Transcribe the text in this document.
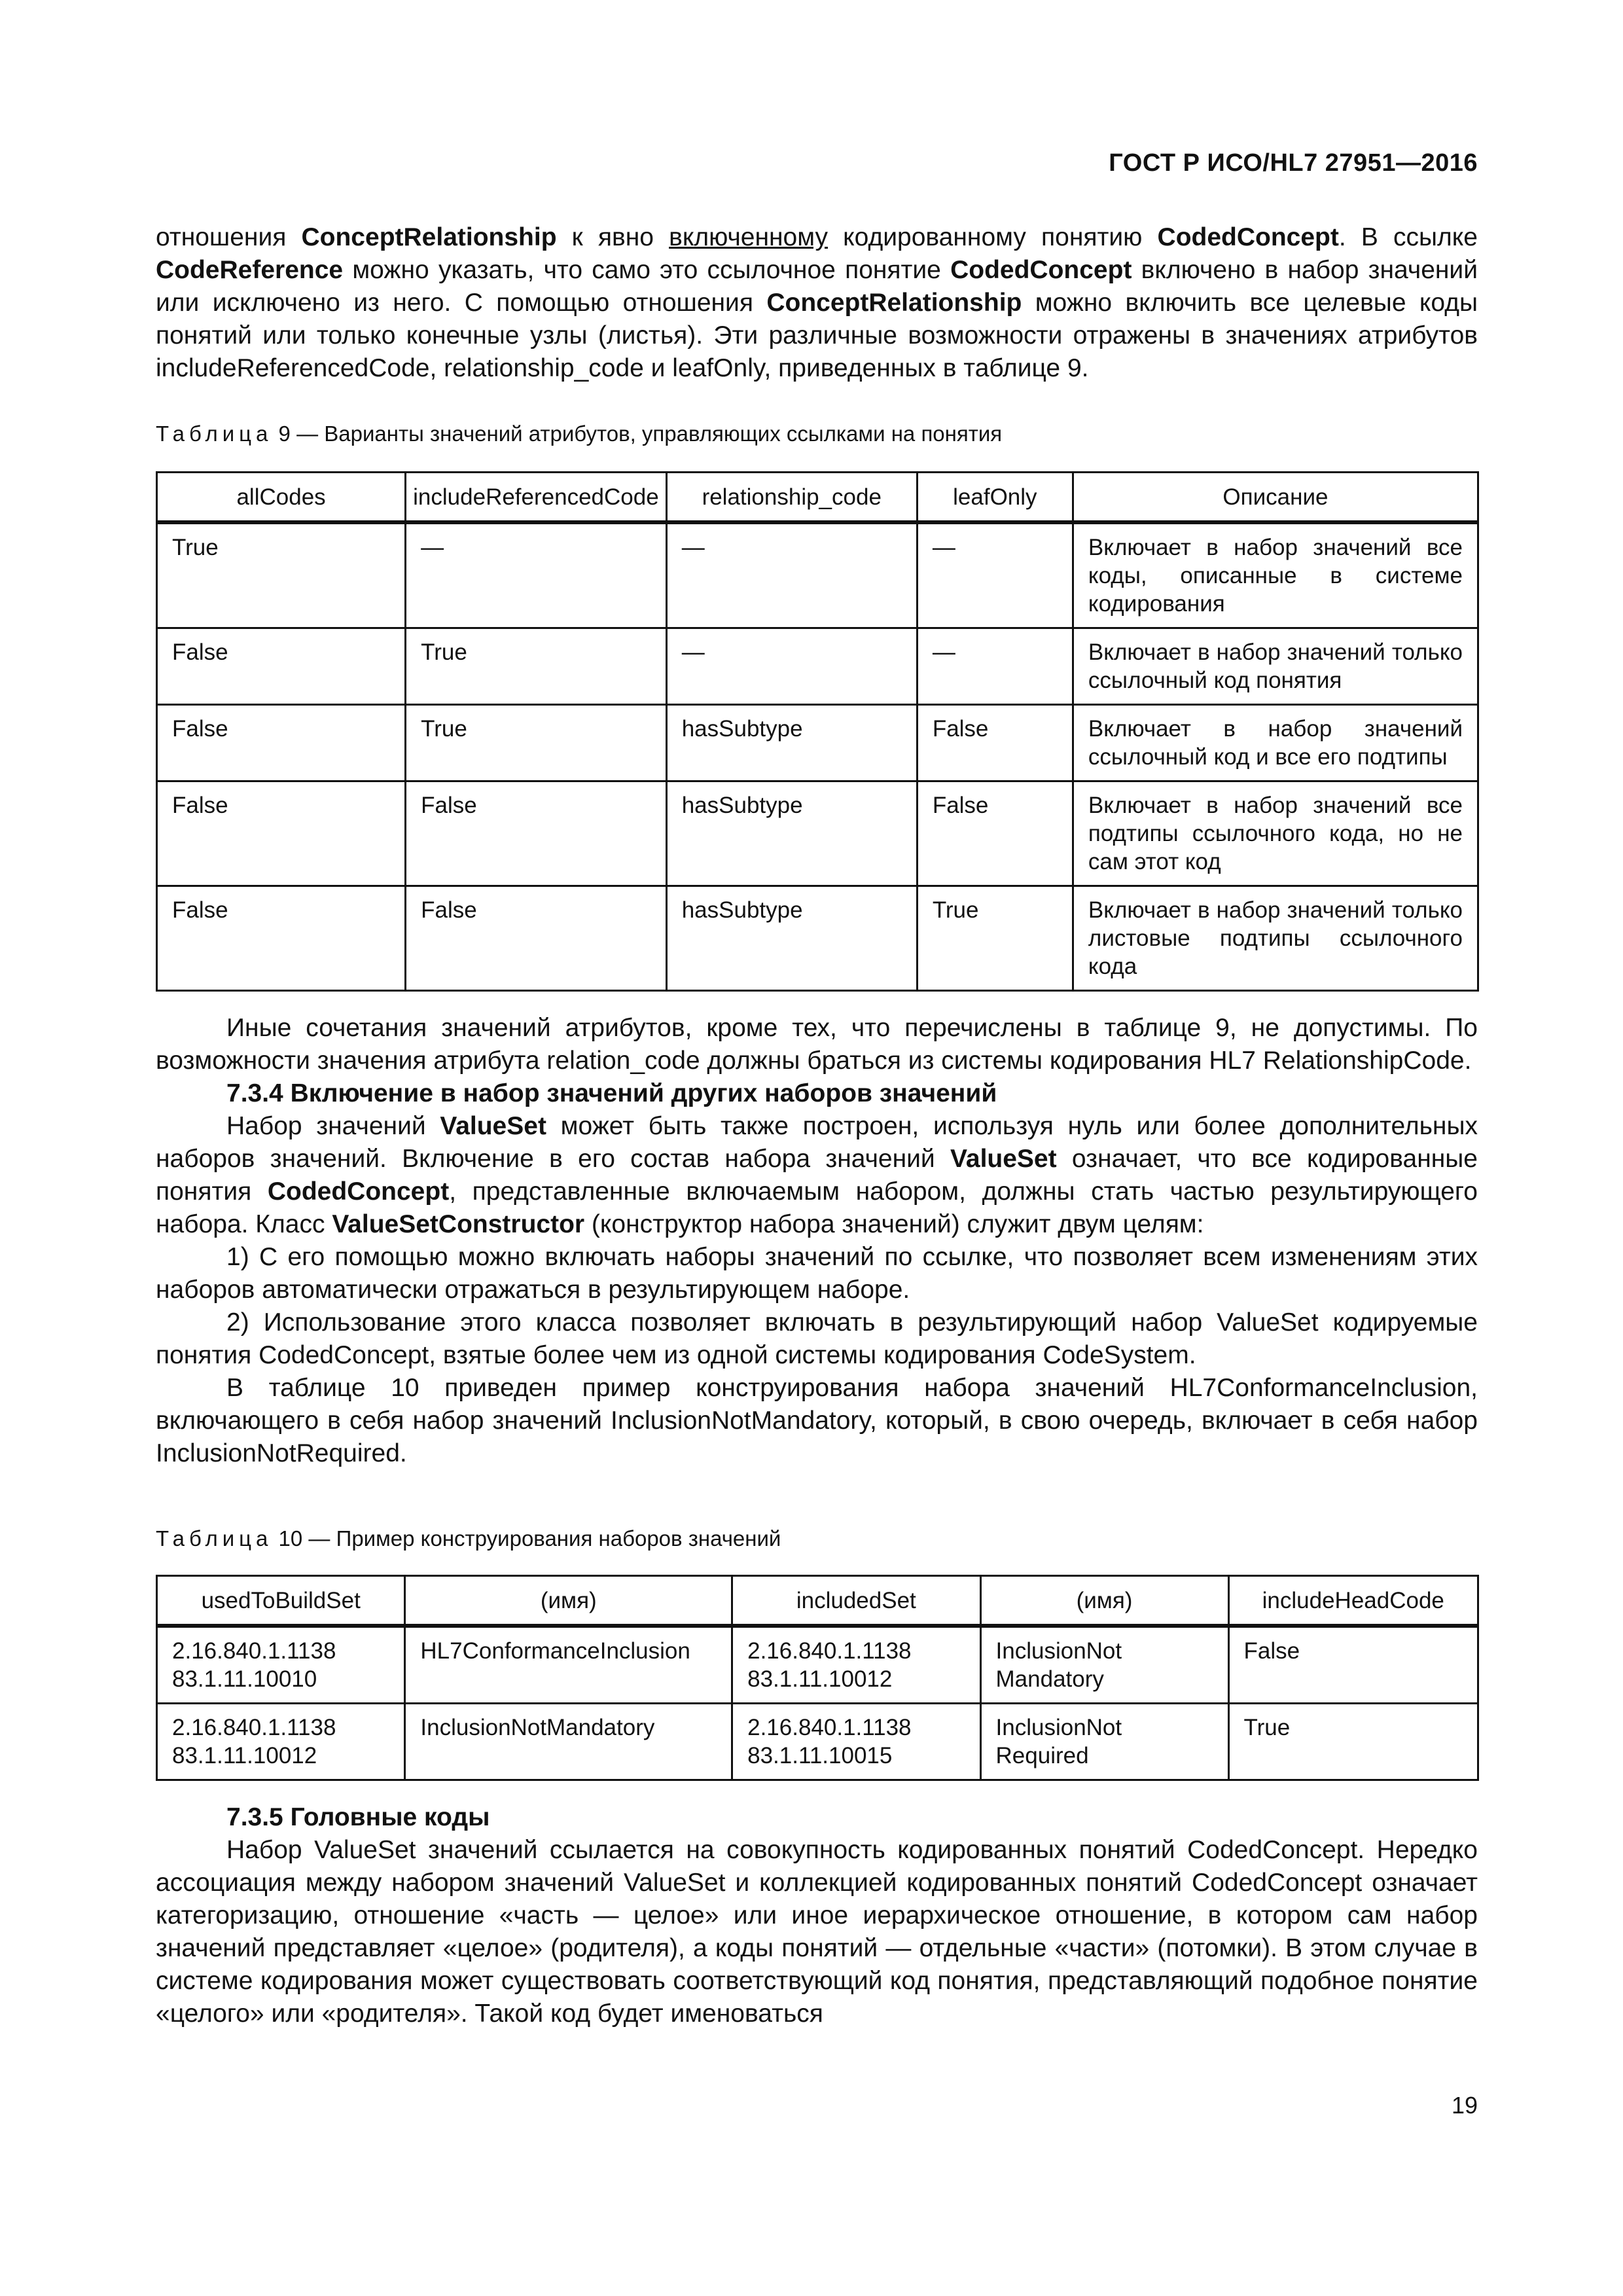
ГОСТ Р ИСО/HL7 27951—2016

отношения ConceptRelationship к явно включенному кодированному понятию CodedConcept. В ссылке CodeReference можно указать, что само это ссылочное понятие CodedConcept включено в набор значений или исключено из него. С помощью отношения ConceptRelationship можно включить все целевые коды понятий или только конечные узлы (листья). Эти различные возможности отражены в значениях атрибутов includeReferencedCode, relationship_code и leafOnly, приведенных в таблице 9.

Таблица 9 — Варианты значений атрибутов, управляющих ссылками на понятия
allCodes	includeReferencedCode	relationship_code	leafOnly	Описание
True	—	—	—	Включает в набор значений все коды, описанные в системе кодирования
False	True	—	—	Включает в набор значений только ссылочный код понятия
False	True	hasSubtype	False	Включает в набор значений ссылочный код и все его подтипы
False	False	hasSubtype	False	Включает в набор значений все подтипы ссылочного кода, но не сам этот код
False	False	hasSubtype	True	Включает в набор значений только листовые подтипы ссылочного кода

Иные сочетания значений атрибутов, кроме тех, что перечислены в таблице 9, не допустимы. По возможности значения атрибута relation_code должны браться из системы кодирования HL7 RelationshipCode.

7.3.4 Включение в набор значений других наборов значений

Набор значений ValueSet может быть также построен, используя нуль или более дополнительных наборов значений. Включение в его состав набора значений ValueSet означает, что все кодированные понятия CodedConcept, представленные включаемым набором, должны стать частью результирующего набора. Класс ValueSetConstructor (конструктор набора значений) служит двум целям:

1) С его помощью можно включать наборы значений по ссылке, что позволяет всем изменениям этих наборов автоматически отражаться в результирующем наборе.

2) Использование этого класса позволяет включать в результирующий набор ValueSet кодируемые понятия CodedConcept, взятые более чем из одной системы кодирования CodeSystem.

В таблице 10 приведен пример конструирования набора значений HL7ConformanceInclusion, включающего в себя набор значений InclusionNotMandatory, который, в свою очередь, включает в себя набор InclusionNotRequired.

Таблица 10 — Пример конструирования наборов значений
usedToBuildSet	(имя)	includedSet	(имя)	includeHeadCode
2.16.840.1.1138 83.1.11.10010	HL7ConformanceInclusion	2.16.840.1.1138 83.1.11.10012	InclusionNot Mandatory	False
2.16.840.1.1138 83.1.11.10012	InclusionNotMandatory	2.16.840.1.1138 83.1.11.10015	InclusionNot Required	True

7.3.5 Головные коды

Набор ValueSet значений ссылается на совокупность кодированных понятий CodedConcept. Нередко ассоциация между набором значений ValueSet и коллекцией кодированных понятий CodedConcept означает категоризацию, отношение «часть — целое» или иное иерархическое отношение, в котором сам набор значений представляет «целое» (родителя), а коды понятий — отдельные «части» (потомки). В этом случае в системе кодирования может существовать соответствующий код понятия, представляющий подобное понятие «целого» или «родителя». Такой код будет именоваться

19
